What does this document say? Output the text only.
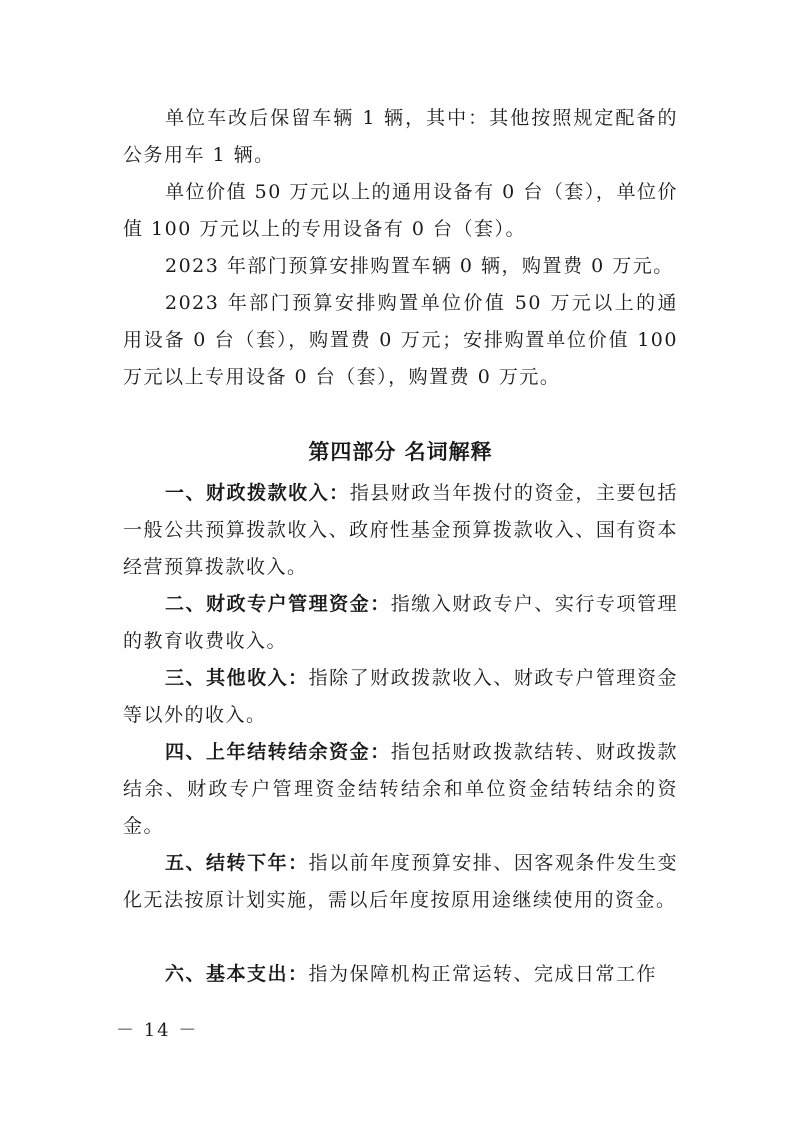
单位车改后保留车辆 1 辆，其中：其他按照规定配备的公务用车 1 辆。

单位价值 50 万元以上的通用设备有 0 台（套），单位价值 100 万元以上的专用设备有 0 台（套）。

2023 年部门预算安排购置车辆 0 辆，购置费 0 万元。

2023 年部门预算安排购置单位价值 50 万元以上的通用设备 0 台（套），购置费 0 万元；安排购置单位价值 100 万元以上专用设备 0 台（套），购置费 0 万元。

第四部分 名词解释

一、财政拨款收入：指县财政当年拨付的资金，主要包括一般公共预算拨款收入、政府性基金预算拨款收入、国有资本经营预算拨款收入。

二、财政专户管理资金：指缴入财政专户、实行专项管理的教育收费收入。

三、其他收入：指除了财政拨款收入、财政专户管理资金等以外的收入。

四、上年结转结余资金：指包括财政拨款结转、财政拨款结余、财政专户管理资金结转结余和单位资金结转结余的资金。

五、结转下年：指以前年度预算安排、因客观条件发生变化无法按原计划实施，需以后年度按原用途继续使用的资金。

六、基本支出：指为保障机构正常运转、完成日常工作

－ 14 －
